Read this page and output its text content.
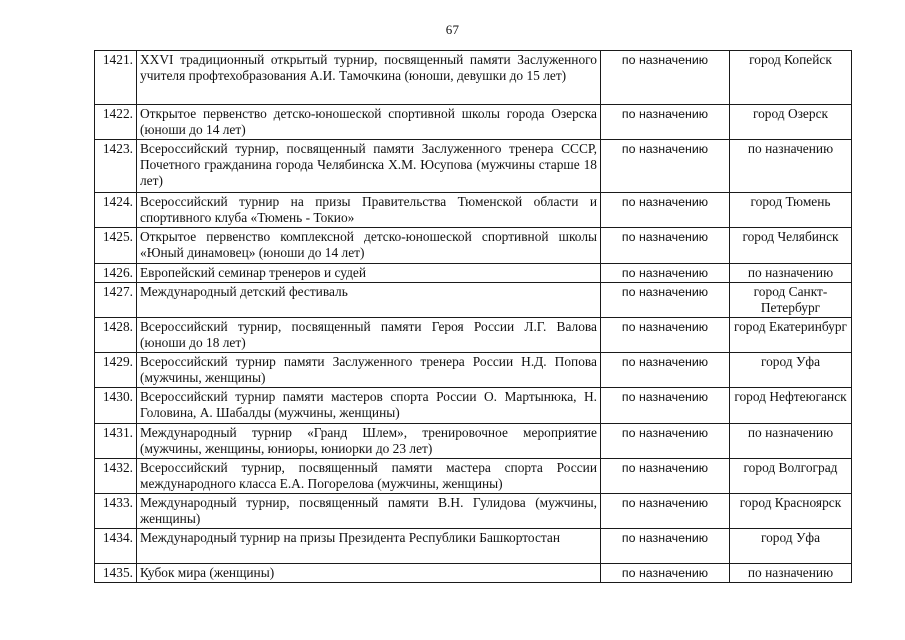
67
1421.	XXVI традиционный открытый турнир, посвященный памяти Заслуженного учителя профтехобразования А.И. Тамочкина (юноши, девушки до 15 лет)	по назначению	город Копейск
1422.	Открытое первенство детско-юношеской спортивной школы города Озерска (юноши до 14 лет)	по назначению	город Озерск
1423.	Всероссийский турнир, посвященный памяти Заслуженного тренера СССР, Почетного гражданина города Челябинска Х.М. Юсупова (мужчины старше 18 лет)	по назначению	по назначению
1424.	Всероссийский турнир на призы Правительства Тюменской области и спортивного клуба «Тюмень - Токио»	по назначению	город Тюмень
1425.	Открытое первенство комплексной детско-юношеской спортивной школы «Юный динамовец» (юноши до 14 лет)	по назначению	город Челябинск
1426.	Европейский семинар тренеров и судей	по назначению	по назначению
1427.	Международный детский фестиваль	по назначению	город Санкт-Петербург
1428.	Всероссийский турнир, посвященный памяти Героя России Л.Г. Валова (юноши до 18 лет)	по назначению	город Екатеринбург
1429.	Всероссийский турнир памяти Заслуженного тренера России Н.Д. Попова (мужчины, женщины)	по назначению	город Уфа
1430.	Всероссийский турнир памяти мастеров спорта России О. Мартынюка, Н. Головина, А. Шабалды (мужчины, женщины)	по назначению	город Нефтеюганск
1431.	Международный турнир «Гранд Шлем», тренировочное мероприятие (мужчины, женщины, юниоры, юниорки до 23 лет)	по назначению	по назначению
1432.	Всероссийский турнир, посвященный памяти мастера спорта России международного класса Е.А. Погорелова (мужчины, женщины)	по назначению	город Волгоград
1433.	Международный турнир, посвященный памяти В.Н. Гулидова (мужчины, женщины)	по назначению	город Красноярск
1434.	Международный турнир на призы Президента Республики Башкортостан	по назначению	город Уфа
1435.	Кубок мира (женщины)	по назначению	по назначению
